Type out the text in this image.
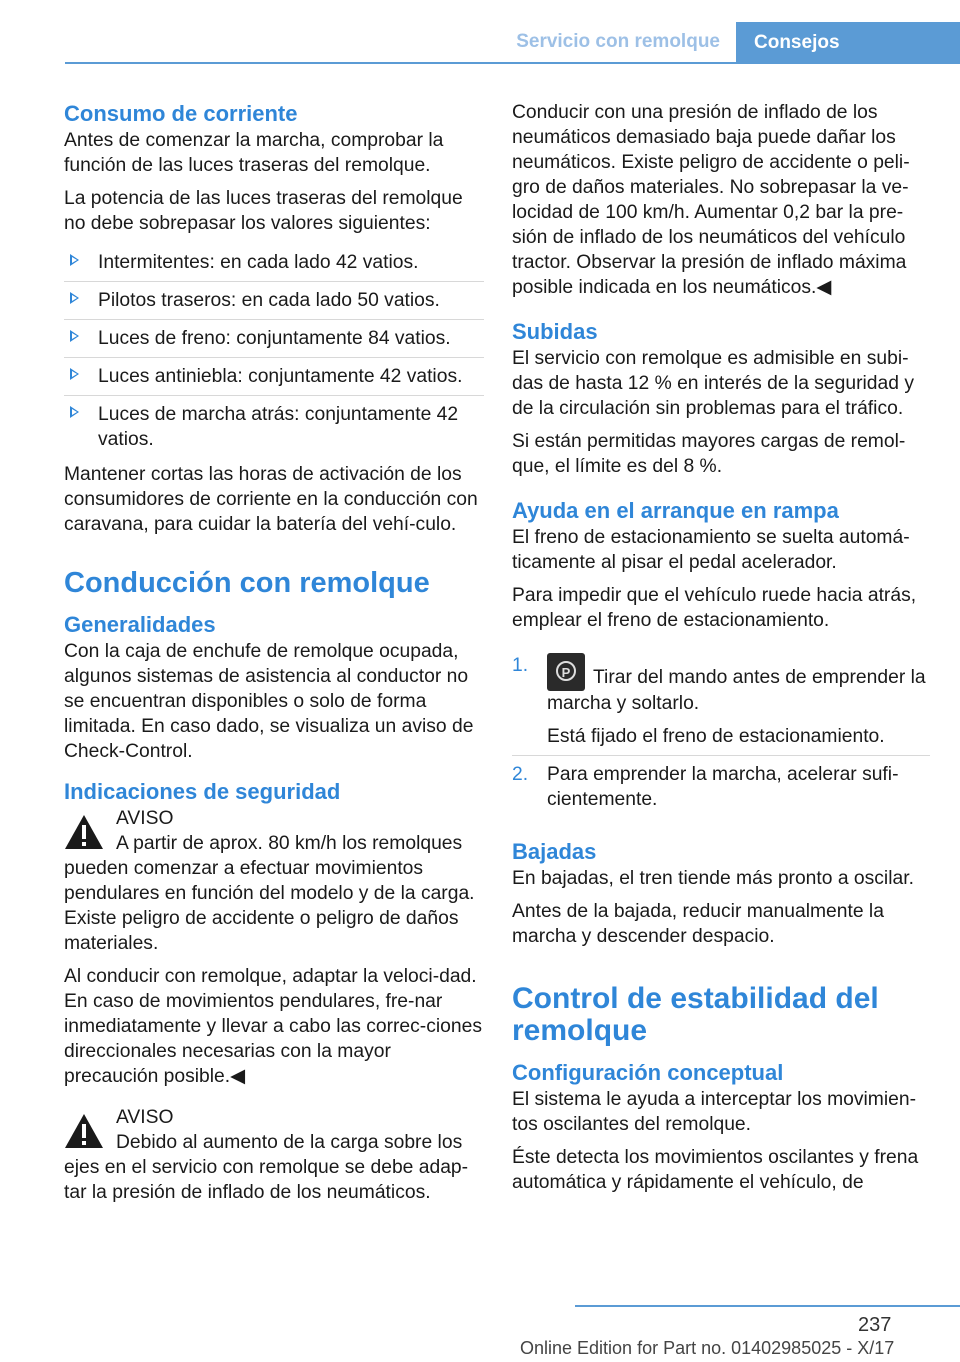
Servicio con remolque	Consejos
Consumo de corriente

Antes de comenzar la marcha, comprobar la función de las luces traseras del remolque.

La potencia de las luces traseras del remolque no debe sobrepasar los valores siguientes:

Intermitentes: en cada lado 42 vatios.
Pilotos traseros: en cada lado 50 vatios.
Luces de freno: conjuntamente 84 vatios.
Luces antiniebla: conjuntamente 42 vatios.
Luces de marcha atrás: conjuntamente 42 vatios.

Mantener cortas las horas de activación de los consumidores de corriente en la conducción con caravana, para cuidar la batería del vehí-culo.

Conducción con remolque
Generalidades

Con la caja de enchufe de remolque ocupada, algunos sistemas de asistencia al conductor no se encuentran disponibles o solo de forma limitada. En caso dado, se visualiza un aviso de Check-Control.

Indicaciones de seguridad
AVISO

A partir de aprox. 80 km/h los remolques pueden comenzar a efectuar movimientos pendulares en función del modelo y de la carga. Existe peligro de accidente o peligro de daños materiales.

Al conducir con remolque, adaptar la veloci-dad. En caso de movimientos pendulares, fre-nar inmediatamente y llevar a cabo las correc-ciones direccionales necesarias con la mayor precaución posible.◀

AVISO

Debido al aumento de la carga sobre los ejes en el servicio con remolque se debe adap-tar la presión de inflado de los neumáticos.

Conducir con una presión de inflado de los neumáticos demasiado baja puede dañar los neumáticos. Existe peligro de accidente o peli-gro de daños materiales. No sobrepasar la ve-locidad de 100 km/h. Aumentar 0,2 bar la pre-sión de inflado de los neumáticos del vehículo tractor. Observar la presión de inflado máxima posible indicada en los neumáticos.◀

Subidas

El servicio con remolque es admisible en subi-das de hasta 12 % en interés de la seguridad y de la circulación sin problemas para el tráfico.

Si están permitidas mayores cargas de remol-que, el límite es del 8 %.

Ayuda en el arranque en rampa

El freno de estacionamiento se suelta automá-ticamente al pisar el pedal acelerador.

Para impedir que el vehículo ruede hacia atrás, emplear el freno de estacionamiento.

1.	P Tirar del mando antes de emprender la marcha y soltarlo.
Está fijado el freno de estacionamiento.
2. Para emprender la marcha, acelerar sufi-cientemente.
Bajadas

En bajadas, el tren tiende más pronto a oscilar.

Antes de la bajada, reducir manualmente la marcha y descender despacio.

Control de estabilidad del remolque
Configuración conceptual

El sistema le ayuda a interceptar los movimien-tos oscilantes del remolque.

Éste detecta los movimientos oscilantes y frena automática y rápidamente el vehículo, de

237
Online Edition for Part no. 01402985025 - X/17
